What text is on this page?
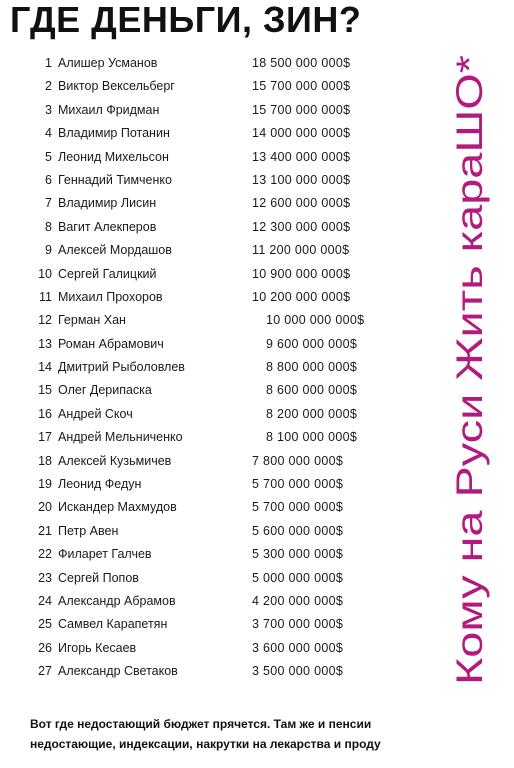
ГДЕ ДЕНЬГИ, ЗИН?
1 Алишер Усманов	18 500 000 000$
2 Виктор Вексельберг	15 700 000 000$
3 Михаил Фридман	15 700 000 000$
4 Владимир Потанин	14 000 000 000$
5 Леонид Михельсон	13 400 000 000$
6 Геннадий Тимченко	13 100 000 000$
7 Владимир Лисин	12 600 000 000$
8 Вагит Алекперов	12 300 000 000$
9 Алексей Мордашов	11 200 000 000$
10 Сергей Галицкий	10 900 000 000$
11 Михаил Прохоров	10 200 000 000$
12 Герман Хан	10 000 000 000$
13 Роман Абрамович	9 600 000 000$
14 Дмитрий Рыболовлев	8 800 000 000$
15 Олег Дерипаска	8 600 000 000$
16 Андрей Скоч	8 200 000 000$
17 Андрей Мельниченко	8 100 000 000$
18 Алексей Кузьмичев	7 800 000 000$
19 Леонид Федун	5 700 000 000$
20 Искандер Махмудов	5 700 000 000$
21 Петр Авен	5 600 000 000$
22 Филарет Галчев	5 300 000 000$
23 Сергей Попов	5 000 000 000$
24 Александр Абрамов	4 200 000 000$
25 Самвел Карапетян	3 700 000 000$
26 Игорь Кесаев	3 600 000 000$
27 Александр Светаков	3 500 000 000$	Кому на Руси Жить караШО*
Вот где недостающий бюджет прячется. Там же и пенсии
недостающие, индексации, накрутки на лекарства и проду
